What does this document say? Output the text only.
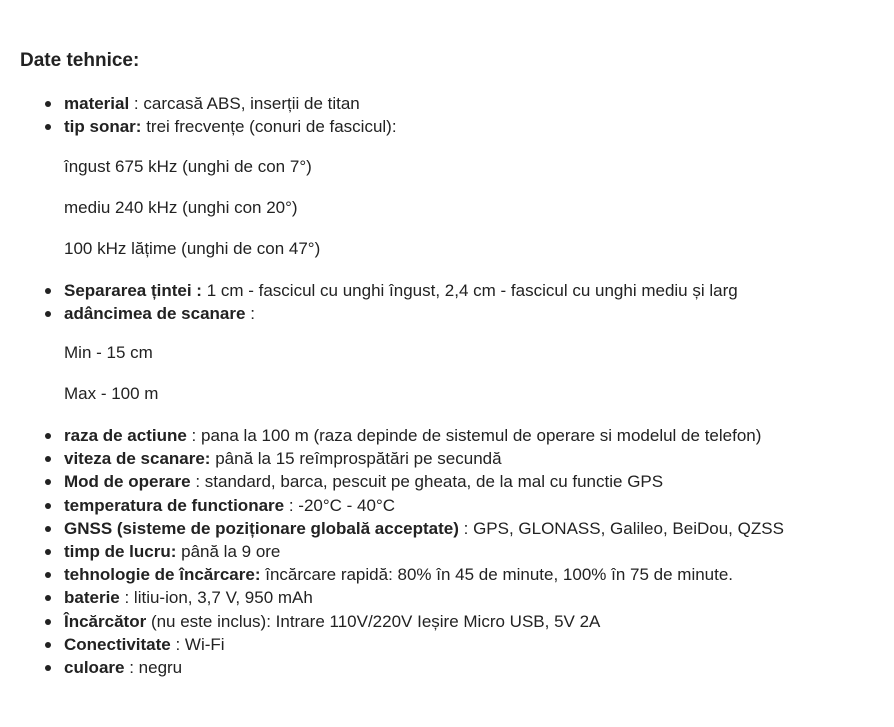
Date tehnice:
material : carcasă ABS, inserții de titan
tip sonar: trei frecvențe (conuri de fascicul):

îngust 675 kHz (unghi de con 7°)

mediu 240 kHz (unghi con 20°)

100 kHz lățime (unghi de con 47°)

Separarea țintei : 1 cm - fascicul cu unghi îngust, 2,4 cm - fascicul cu unghi mediu și larg
adâncimea de scanare :

Min - 15 cm

Max - 100 m

raza de actiune : pana la 100 m (raza depinde de sistemul de operare si modelul de telefon)
viteza de scanare: până la 15 reîmprospătări pe secundă
Mod de operare : standard, barca, pescuit pe gheata, de la mal cu functie GPS
temperatura de functionare : -20°C - 40°C
GNSS (sisteme de poziționare globală acceptate) : GPS, GLONASS, Galileo, BeiDou, QZSS
timp de lucru: până la 9 ore
tehnologie de încărcare: încărcare rapidă: 80% în 45 de minute, 100% în 75 de minute.
baterie : litiu-ion, 3,7 V, 950 mAh
Încărcător (nu este inclus): Intrare 110V/220V Ieșire Micro USB, 5V 2A
Conectivitate : Wi-Fi
culoare : negru
